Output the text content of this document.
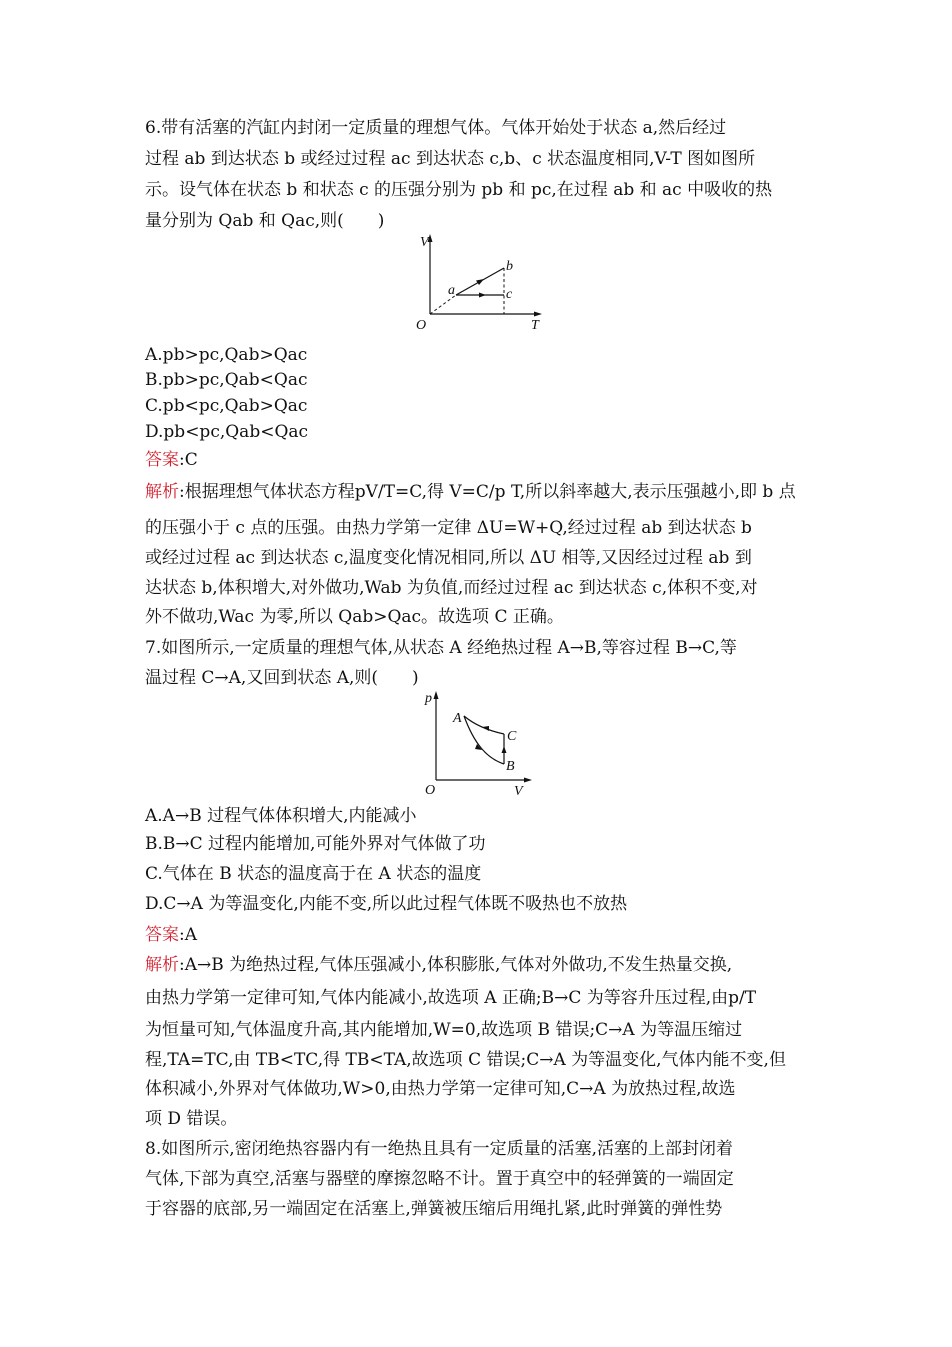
6.带有活塞的汽缸内封闭一定质量的理想气体。气体开始处于状态 a,然后经过
过程 ab 到达状态 b 或经过过程 ac 到达状态 c,b、c 状态温度相同,V-T 图如图所
示。设气体在状态 b 和状态 c 的压强分别为 pb 和 pc,在过程 ab 和 ac 中吸收的热
量分别为 Qab 和 Qac,则(　　)
V
T
O
a
b
c
A.pb>pc,Qab>Qac
B.pb>pc,Qab<Qac
C.pb<pc,Qab>Qac
D.pb<pc,Qab<Qac
答案:C
解析:根据理想气体状态方程pV/T=C,得 V=C/p T,所以斜率越大,表示压强越小,即 b 点
的压强小于 c 点的压强。由热力学第一定律 ΔU=W+Q,经过过程 ab 到达状态 b
或经过过程 ac 到达状态 c,温度变化情况相同,所以 ΔU 相等,又因经过过程 ab 到
达状态 b,体积增大,对外做功,Wab 为负值,而经过过程 ac 到达状态 c,体积不变,对
外不做功,Wac 为零,所以 Qab>Qac。故选项 C 正确。
7.如图所示,一定质量的理想气体,从状态 A 经绝热过程 A→B,等容过程 B→C,等
温过程 C→A,又回到状态 A,则(　　)
p
V
O
A
C
B
A.A→B 过程气体体积增大,内能减小
B.B→C 过程内能增加,可能外界对气体做了功
C.气体在 B 状态的温度高于在 A 状态的温度
D.C→A 为等温变化,内能不变,所以此过程气体既不吸热也不放热
答案:A
解析:A→B 为绝热过程,气体压强减小,体积膨胀,气体对外做功,不发生热量交换,
由热力学第一定律可知,气体内能减小,故选项 A 正确;B→C 为等容升压过程,由p/T
为恒量可知,气体温度升高,其内能增加,W=0,故选项 B 错误;C→A 为等温压缩过
程,TA=TC,由 TB<TC,得 TB<TA,故选项 C 错误;C→A 为等温变化,气体内能不变,但
体积减小,外界对气体做功,W>0,由热力学第一定律可知,C→A 为放热过程,故选
项 D 错误。
8.如图所示,密闭绝热容器内有一绝热且具有一定质量的活塞,活塞的上部封闭着
气体,下部为真空,活塞与器壁的摩擦忽略不计。置于真空中的轻弹簧的一端固定
于容器的底部,另一端固定在活塞上,弹簧被压缩后用绳扎紧,此时弹簧的弹性势
